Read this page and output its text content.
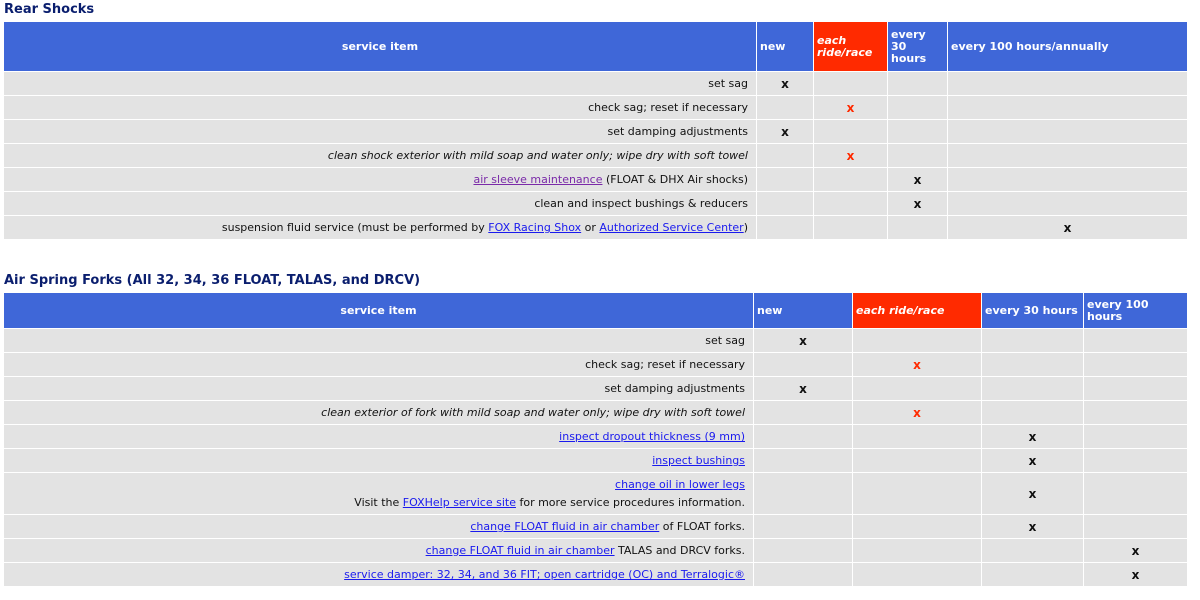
Rear Shocks
service item	new	each ride/race	every 30 hours	every 100 hours/annually
set sag	x			
check sag; reset if necessary		x		
set damping adjustments	x			
clean shock exterior with mild soap and water only; wipe dry with soft towel		x		
air sleeve maintenance (FLOAT & DHX Air shocks)			x	
clean and inspect bushings & reducers			x	
suspension fluid service (must be performed by FOX Racing Shox or Authorized Service Center)				x
Air Spring Forks (All 32, 34, 36 FLOAT, TALAS, and DRCV)
service item	new	each ride/race	every 30 hours	every 100 hours
set sag	x			
check sag; reset if necessary		x		
set damping adjustments	x			
clean exterior of fork with mild soap and water only; wipe dry with soft towel		x		
inspect dropout thickness (9 mm)			x	
inspect bushings			x	
change oil in lower legs
Visit the FOXHelp service site for more service procedures information.			x	
change FLOAT fluid in air chamber of FLOAT forks.			x	
change FLOAT fluid in air chamber TALAS and DRCV forks.				x
service damper: 32, 34, and 36 FIT; open cartridge (OC) and Terralogic®				x
